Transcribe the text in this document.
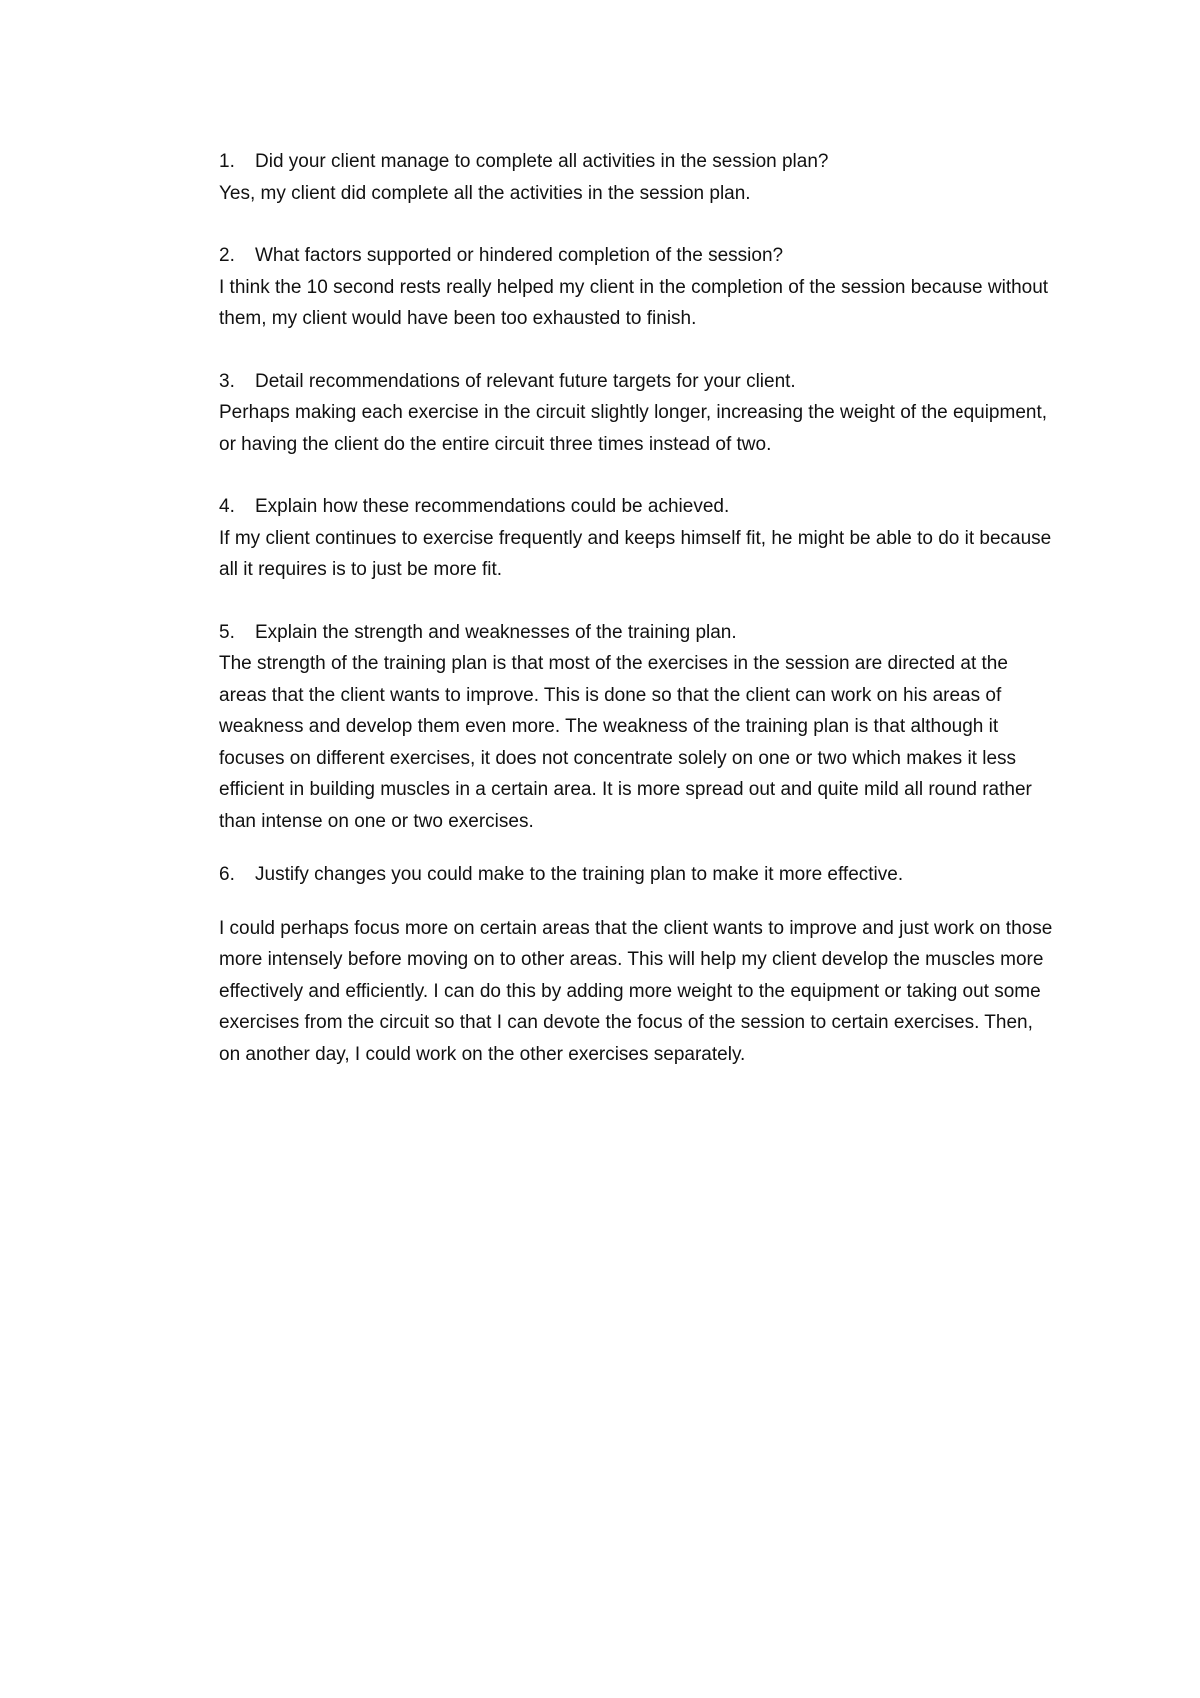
1.	Did your client manage to complete all activities in the session plan?

Yes, my client did complete all the activities in the session plan.

2.	What factors supported or hindered completion of the session?

I think the 10 second rests really helped my client in the completion of the session because without them, my client would have been too exhausted to finish.

3.	Detail recommendations of relevant future targets for your client.

Perhaps making each exercise in the circuit slightly longer, increasing the weight of the equipment, or having the client do the entire circuit three times instead of two.

4.	Explain how these recommendations could be achieved.

If my client continues to exercise frequently and keeps himself fit, he might be able to do it because all it requires is to just be more fit.

5.	Explain the strength and weaknesses of the training plan.

The strength of the training plan is that most of the exercises in the session are directed at the areas that the client wants to improve. This is done so that the client can work on his areas of weakness and develop them even more. The weakness of the training plan is that although it focuses on different exercises, it does not concentrate solely on one or two which makes it less efficient in building muscles in a certain area. It is more spread out and quite mild all round rather than intense on one or two exercises.

6.	Justify changes you could make to the training plan to make it more effective.

I could perhaps focus more on certain areas that the client wants to improve and just work on those more intensely before moving on to other areas. This will help my client develop the muscles more effectively and efficiently. I can do this by adding more weight to the equipment or taking out some exercises from the circuit so that I can devote the focus of the session to certain exercises. Then, on another day, I could work on the other exercises separately.
